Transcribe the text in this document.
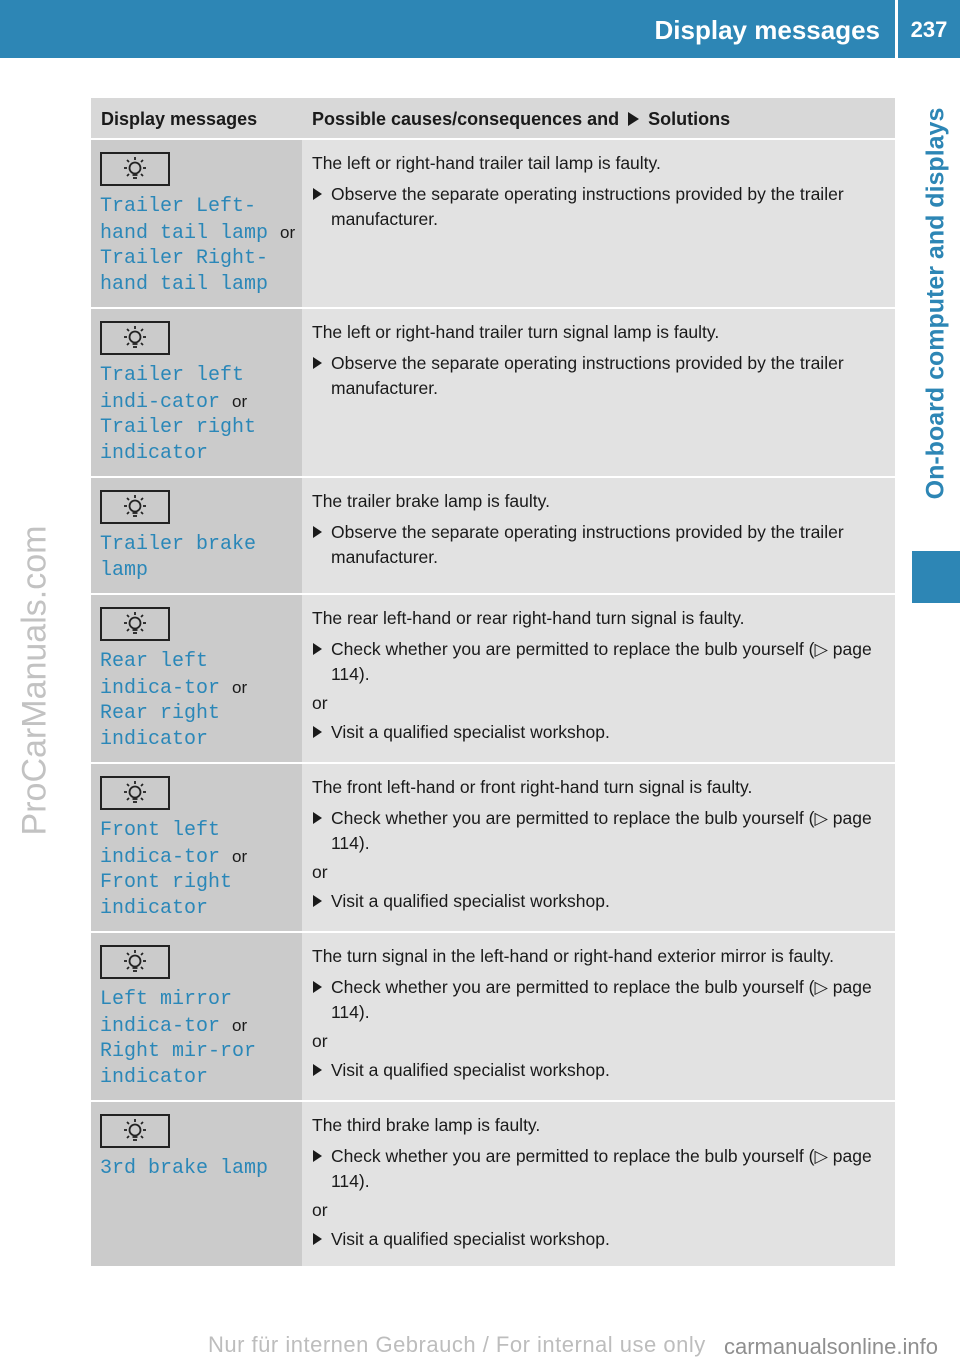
Display messages	237
On-board computer and displays
ProCarManuals.com
Display messages	Possible causes/consequences and Solutions

Trailer Left-hand tail lamp or Trailer Right-hand tail lamp	The left or right-hand trailer tail lamp is faulty.

Observe the separate operating instructions provided by the trailer manufacturer.

Trailer left indi‑cator or Trailer right indicator	The left or right-hand trailer turn signal lamp is faulty.

Observe the separate operating instructions provided by the trailer manufacturer.

Trailer brake lamp	The trailer brake lamp is faulty.

Observe the separate operating instructions provided by the trailer manufacturer.

Rear left indica‑tor or Rear right indicator	The rear left-hand or rear right-hand turn signal is faulty.

Check whether you are permitted to replace the bulb yourself (▷ page 114).
or
Visit a qualified specialist workshop.

Front left indica‑tor or Front right indicator	The front left-hand or front right-hand turn signal is faulty.

Check whether you are permitted to replace the bulb yourself (▷ page 114).
or
Visit a qualified specialist workshop.

Left mirror indica‑tor or Right mir‑ror indicator	The turn signal in the left-hand or right-hand exterior mirror is faulty.

Check whether you are permitted to replace the bulb yourself (▷ page 114).
or
Visit a qualified specialist workshop.

3rd brake lamp	The third brake lamp is faulty.

Check whether you are permitted to replace the bulb yourself (▷ page 114).
or
Visit a qualified specialist workshop.
Nur für internen Gebrauch / For internal use only carmanualsonline.info
